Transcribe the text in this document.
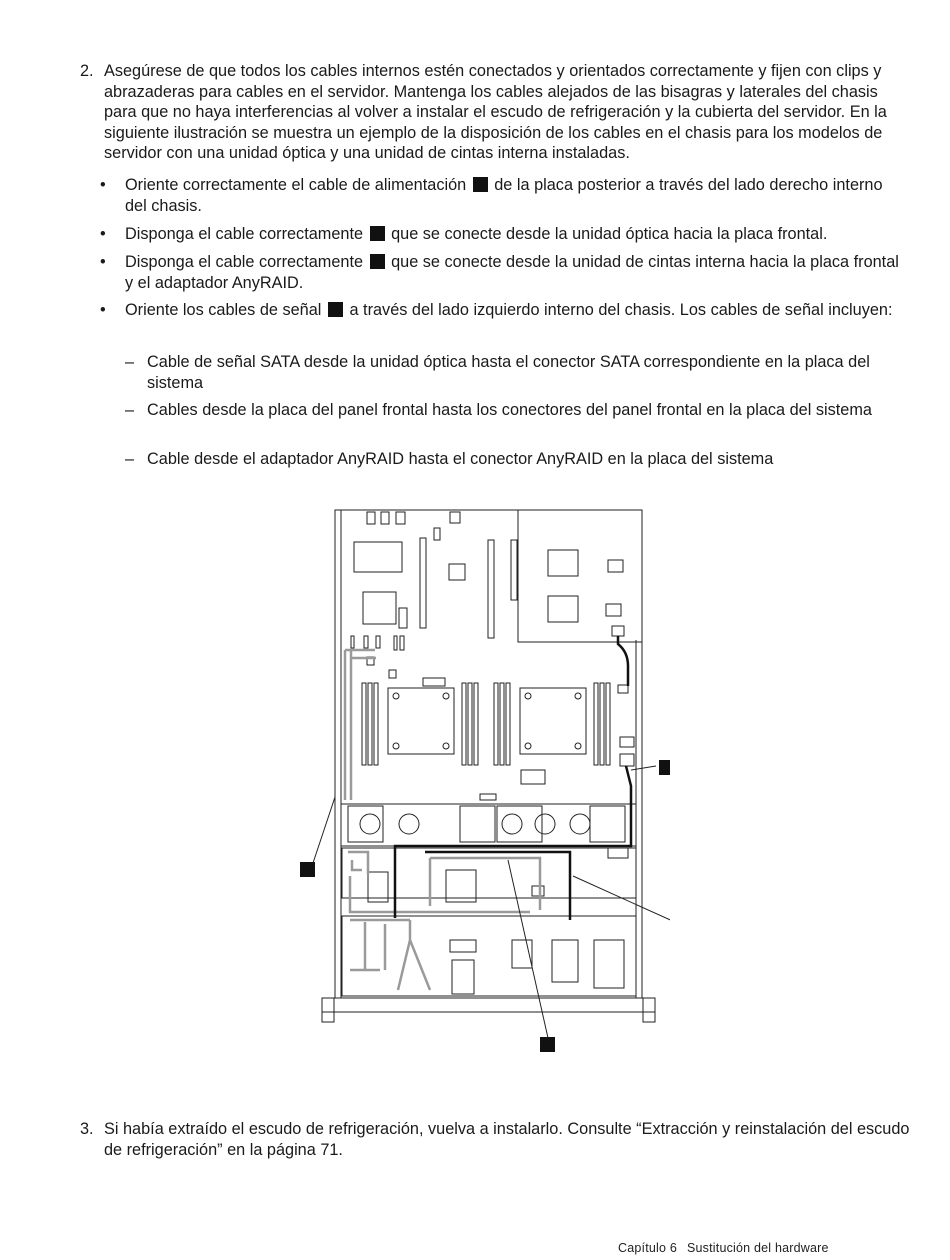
2. Asegúrese de que todos los cables internos estén conectados y orientados correctamente y fijen con clips y abrazaderas para cables en el servidor. Mantenga los cables alejados de las bisagras y laterales del chasis para que no haya interferencias al volver a instalar el escudo de refrigeración y la cubierta del servidor. En la siguiente ilustración se muestra un ejemplo de la disposición de los cables en el chasis para los modelos de servidor con una unidad óptica y una unidad de cintas interna instaladas.
•	Oriente correctamente el cable de alimentación de la placa posterior a través del lado derecho interno del chasis.
•	Disponga el cable correctamente que se conecte desde la unidad óptica hacia la placa frontal.
•	Disponga el cable correctamente que se conecte desde la unidad de cintas interna hacia la placa frontal y el adaptador AnyRAID.
•	Oriente los cables de señal a través del lado izquierdo interno del chasis. Los cables de señal incluyen:
– Cable de señal SATA desde la unidad óptica hasta el conector SATA correspondiente en la placa del sistema
– Cables desde la placa del panel frontal hasta los conectores del panel frontal en la placa del sistema
– Cable desde el adaptador AnyRAID hasta el conector AnyRAID en la placa del sistema
3. Si había extraído el escudo de refrigeración, vuelva a instalarlo. Consulte “Extracción y reinstalación del escudo de refrigeración” en la página 71.
Capítulo 6 Sustitución del hardware
